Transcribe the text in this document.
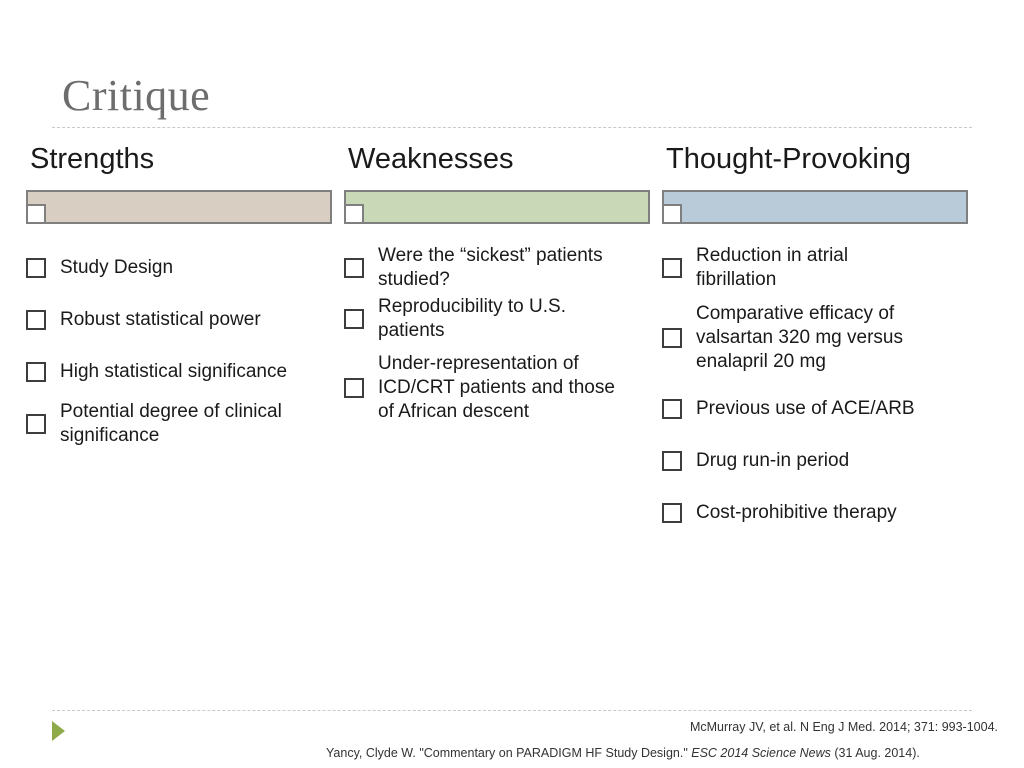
Critique
Strengths
Study Design
Robust statistical power
High statistical significance
Potential degree of clinical significance
Weaknesses
Were the “sickest” patients studied?
Reproducibility to U.S. patients
Under-representation of ICD/CRT patients and those of African descent
Thought-Provoking
Reduction in atrial fibrillation
Comparative efficacy of valsartan 320 mg versus enalapril 20 mg
Previous use of ACE/ARB
Drug run-in period
Cost-prohibitive therapy
McMurray JV, et al. N Eng J Med. 2014; 371: 993-1004.
Yancy, Clyde W. "Commentary on PARADIGM HF Study Design." ESC 2014 Science News (31 Aug. 2014).
